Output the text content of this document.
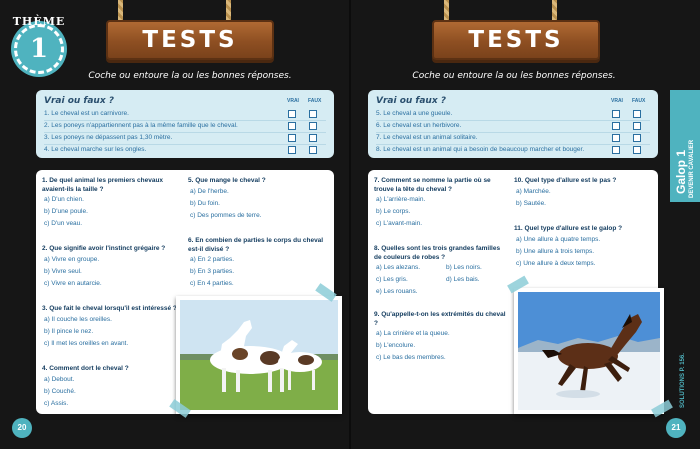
THÈME
1	TESTS
Coche ou entoure la ou les bonnes réponses.
Vrai ou faux ?	VRAI FAUX
1. Le cheval est un carnivore.
2. Les poneys n'appartiennent pas à la même famille que le cheval.
3. Les poneys ne dépassent pas 1,30 mètre.
4. Le cheval marche sur les ongles.
1. De quel animal les premiers chevaux avaient-ils la taille ?
a) D'un chien.
b) D'une poule.
c) D'un veau.
2. Que signifie avoir l'instinct grégaire ?
a) Vivre en groupe.
b) Vivre seul.
c) Vivre en autarcie.
3. Que fait le cheval lorsqu'il est intéressé ?
a) Il couche les oreilles.
b) Il pince le nez.
c) Il met les oreilles en avant.
4. Comment dort le cheval ?
a) Debout.
b) Couché.
c) Assis.
5. Que mange le cheval ?
a) De l'herbe.
b) Du foin.
c) Des pommes de terre.
6. En combien de parties le corps du cheval est-il divisé ?
a) En 2 parties.
b) En 3 parties.
c) En 4 parties.
20
TESTS
Coche ou entoure la ou les bonnes réponses.
Vrai ou faux ?	VRAI FAUX
5. Le cheval a une gueule.
6. Le cheval est un herbivore.
7. Le cheval est un animal solitaire.
8. Le cheval est un animal qui a besoin de beaucoup marcher et bouger.
7. Comment se nomme la partie où se trouve la tête du cheval ?
a) L'arrière-main.
b) Le corps.
c) L'avant-main.
8. Quelles sont les trois grandes familles de couleurs de robes ?
a) Les alezans.	b) Les noirs.
c) Les gris.	d) Les bais.
e) Les rouans.
9. Qu'appelle-t-on les extrémités du cheval ?
a) La crinière et la queue.
b) L'encolure.
c) Le bas des membres.
10. Quel type d'allure est le pas ?
a) Marchée.
b) Sautée.
11. Quel type d'allure est le galop ?
a) Une allure à quatre temps.
b) Une allure à trois temps.
c) Une allure à deux temps.
Galop 1 DEVENIR CAVALIER
SOLUTIONS P. 156.
21
